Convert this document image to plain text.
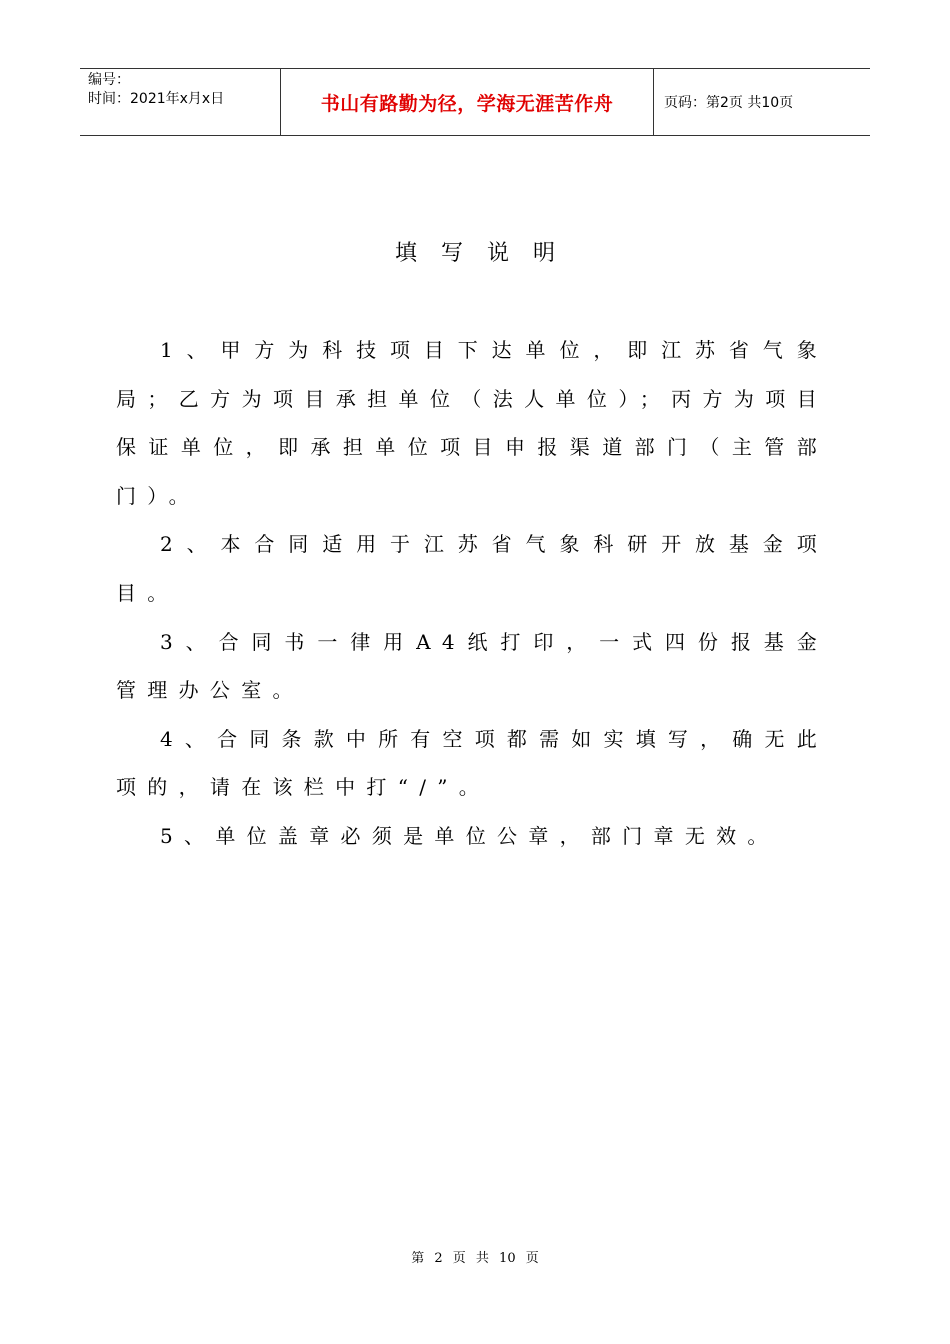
编号：
时间：2021年x月x日	书山有路勤为径，学海无涯苦作舟	页码：第2页 共10页
填写说明

1、甲方为科技项目下达单位，即江苏省气象局；乙方为项目承担单位（法人单位）；丙方为项目保证单位，即承担单位项目申报渠道部门（主管部门）。

2、本合同适用于江苏省气象科研开放基金项目。

3、合同书一律用A4纸打印，一式四份报基金管理办公室。

4、合同条款中所有空项都需如实填写，确无此项的，请在该栏中打“/”。

5、单位盖章必须是单位公章，部门章无效。

第 2 页 共 10 页
